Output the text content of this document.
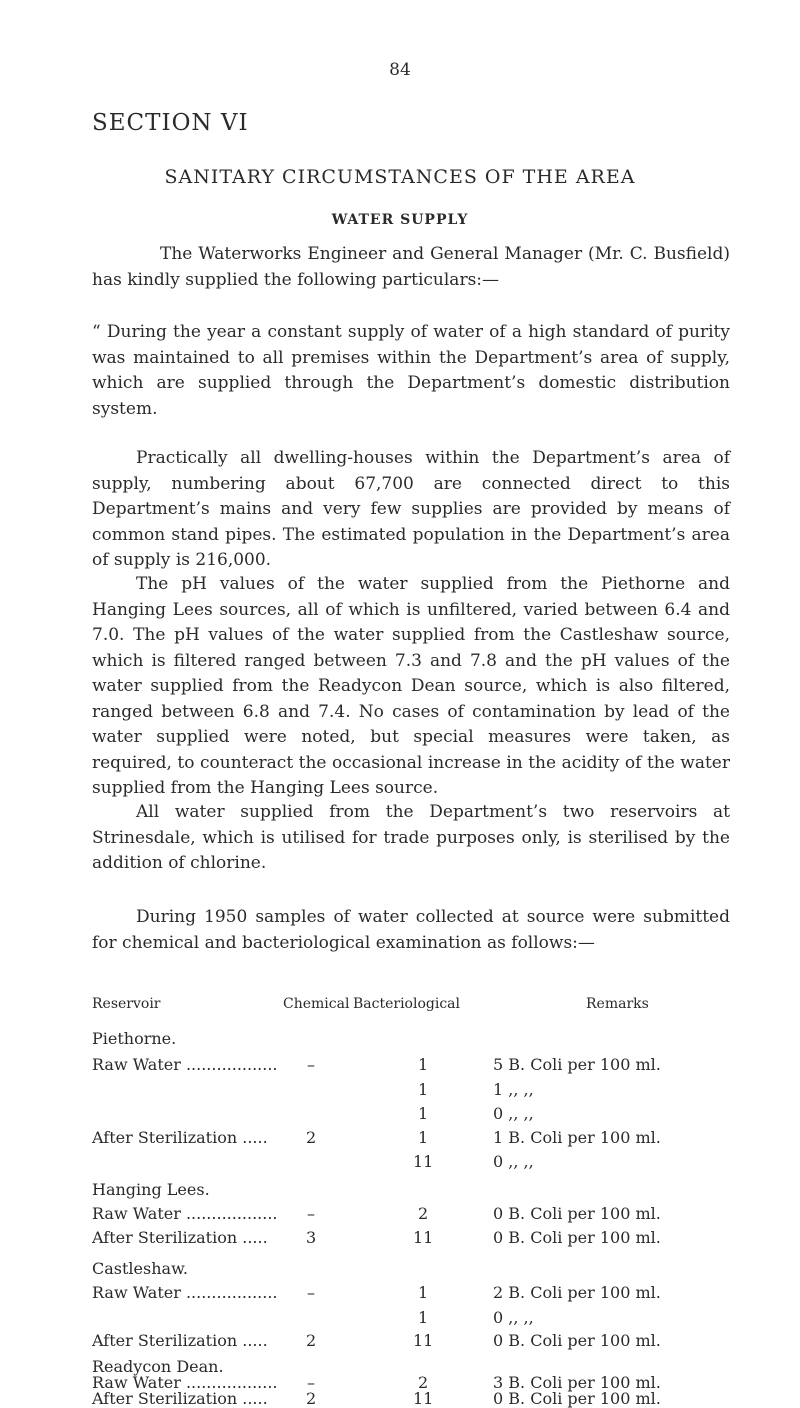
84
SECTION VI
SANITARY CIRCUMSTANCES OF THE AREA
WATER SUPPLY
The Waterworks Engineer and General Manager (Mr. C. Busfield) has kindly supplied the following particulars:—
“ During the year a constant supply of water of a high standard of purity was maintained to all premises within the Department’s area of supply, which are supplied through the Department’s domestic distribution system.
Practically all dwelling-houses within the Department’s area of supply, numbering about 67,700 are connected direct to this Department’s mains and very few supplies are provided by means of common stand pipes. The estimated population in the Department’s area of supply is 216,000.
The pH values of the water supplied from the Piethorne and Hanging Lees sources, all of which is unfiltered, varied between 6.4 and 7.0. The pH values of the water supplied from the Castleshaw source, which is filtered ranged between 7.3 and 7.8 and the pH values of the water supplied from the Readycon Dean source, which is also filtered, ranged between 6.8 and 7.4. No cases of contamination by lead of the water supplied were noted, but special measures were taken, as required, to counteract the occasional increase in the acidity of the water supplied from the Hanging Lees source.
All water supplied from the Department’s two reservoirs at Strinesdale, which is utilised for trade purposes only, is sterilised by the addition of chlorine.
During 1950 samples of water collected at source were submitted for chemical and bacteriological examination as follows:—
Reservoir	Chemical Bacteriological	Remarks
Piethorne.
Raw Water .................. –	1	5 B. Coli per 100 ml.
1	1 ,, ,,
1	0 ,, ,,
After Sterilization ..... 2	1	1 B. Coli per 100 ml.
11	0 ,, ,,
Hanging Lees.
Raw Water .................. –	2	0 B. Coli per 100 ml.
After Sterilization ..... 3	11	0 B. Coli per 100 ml.
Castleshaw.
Raw Water .................. –	1	2 B. Coli per 100 ml.
1	0 ,, ,,
After Sterilization ..... 2	11	0 B. Coli per 100 ml.
Readycon Dean.
Raw Water .................. –	2	3 B. Coli per 100 ml.
After Sterilization ..... 2	11	0 B. Coli per 100 ml.
